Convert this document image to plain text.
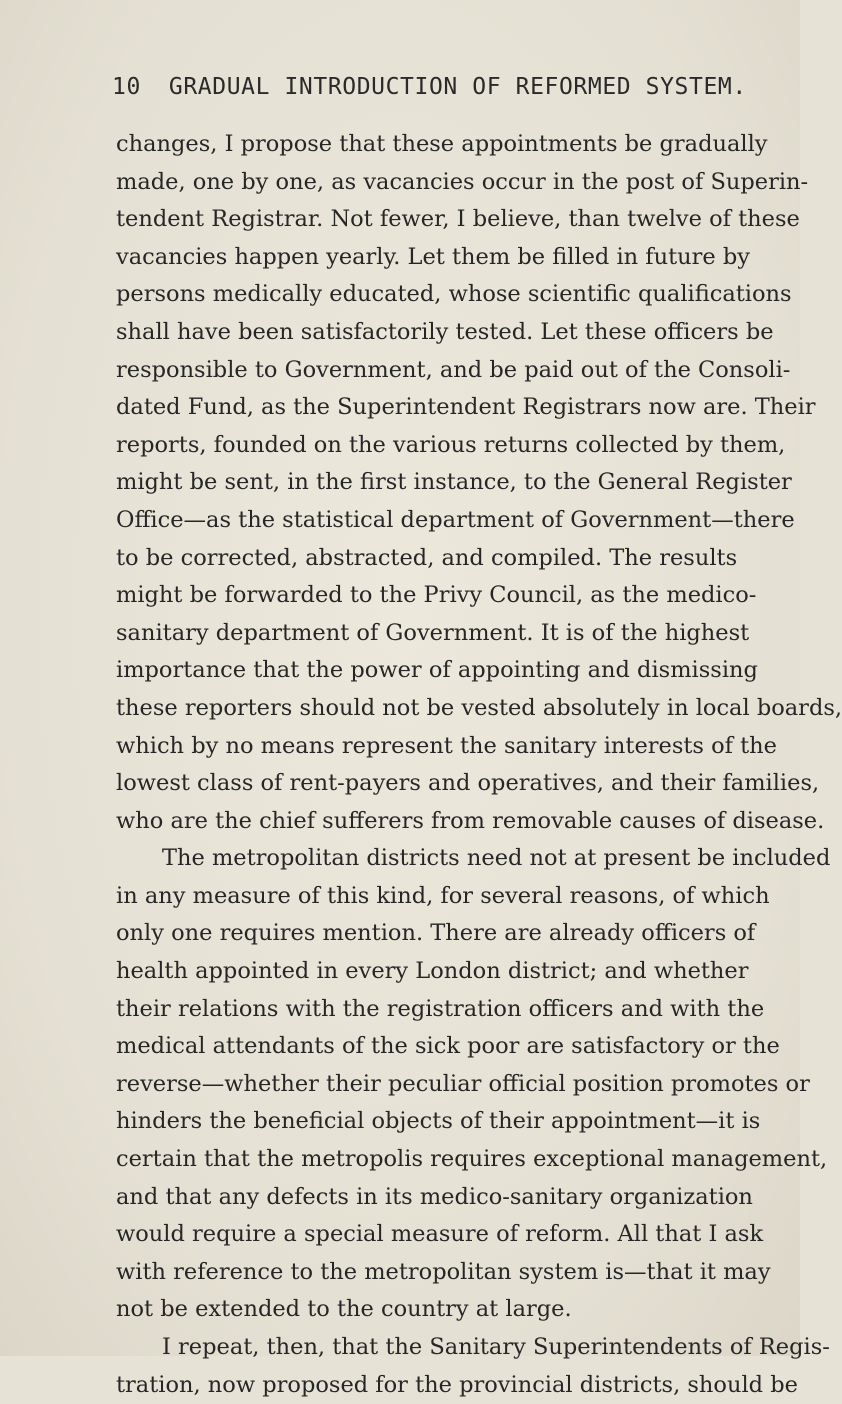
10 GRADUAL INTRODUCTION OF REFORMED SYSTEM.
changes, I propose that these appointments be gradually
made, one by one, as vacancies occur in the post of Superin-
tendent Registrar. Not fewer, I believe, than twelve of these
vacancies happen yearly. Let them be filled in future by
persons medically educated, whose scientific qualifications
shall have been satisfactorily tested. Let these officers be
responsible to Government, and be paid out of the Consoli-
dated Fund, as the Superintendent Registrars now are. Their
reports, founded on the various returns collected by them,
might be sent, in the first instance, to the General Register
Office—as the statistical department of Government—there
to be corrected, abstracted, and compiled. The results
might be forwarded to the Privy Council, as the medico-
sanitary department of Government. It is of the highest
importance that the power of appointing and dismissing
these reporters should not be vested absolutely in local boards,
which by no means represent the sanitary interests of the
lowest class of rent-payers and operatives, and their families,
who are the chief sufferers from removable causes of disease.
The metropolitan districts need not at present be included
in any measure of this kind, for several reasons, of which
only one requires mention. There are already officers of
health appointed in every London district; and whether
their relations with the registration officers and with the
medical attendants of the sick poor are satisfactory or the
reverse—whether their peculiar official position promotes or
hinders the beneficial objects of their appointment—it is
certain that the metropolis requires exceptional management,
and that any defects in its medico-sanitary organization
would require a special measure of reform. All that I ask
with reference to the metropolitan system is—that it may
not be extended to the country at large.
I repeat, then, that the Sanitary Superintendents of Regis-
tration, now proposed for the provincial districts, should be
